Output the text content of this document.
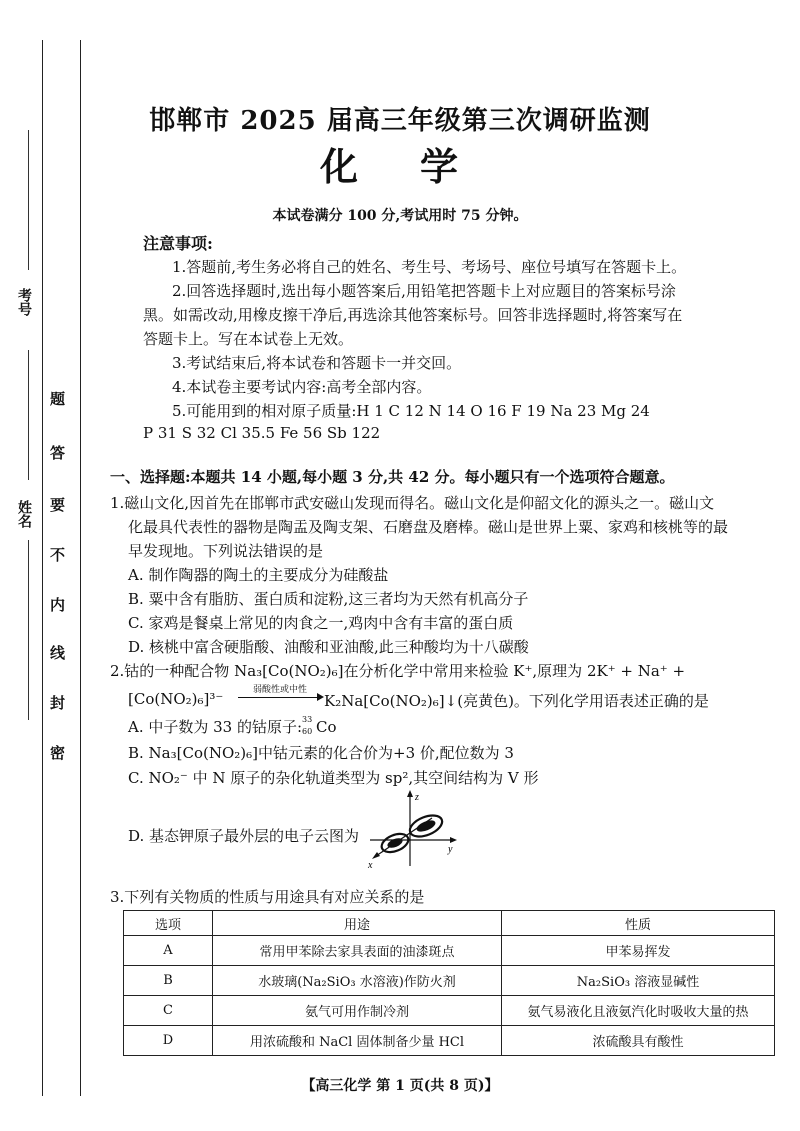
考号
姓名
题
答
要
不
内
线
封
密
邯郸市 2025 届高三年级第三次调研监测
化学
本试卷满分 100 分,考试用时 75 分钟。
注意事项:
1.答题前,考生务必将自己的姓名、考生号、考场号、座位号填写在答题卡上。
2.回答选择题时,选出每小题答案后,用铅笔把答题卡上对应题目的答案标号涂
黑。如需改动,用橡皮擦干净后,再选涂其他答案标号。回答非选择题时,将答案写在
答题卡上。写在本试卷上无效。
3.考试结束后,将本试卷和答题卡一并交回。
4.本试卷主要考试内容:高考全部内容。
5.可能用到的相对原子质量:H 1 C 12 N 14 O 16 F 19 Na 23 Mg 24
P 31 S 32 Cl 35.5 Fe 56 Sb 122
一、选择题:本题共 14 小题,每小题 3 分,共 42 分。每小题只有一个选项符合题意。
1.磁山文化,因首先在邯郸市武安磁山发现而得名。磁山文化是仰韶文化的源头之一。磁山文
化最具代表性的器物是陶盂及陶支架、石磨盘及磨棒。磁山是世界上粟、家鸡和核桃等的最
早发现地。下列说法错误的是
A. 制作陶器的陶土的主要成分为硅酸盐
B. 粟中含有脂肪、蛋白质和淀粉,这三者均为天然有机高分子
C. 家鸡是餐桌上常见的肉食之一,鸡肉中含有丰富的蛋白质
D. 核桃中富含硬脂酸、油酸和亚油酸,此三种酸均为十八碳酸
2.钴的一种配合物 Na₃[Co(NO₂)₆]在分析化学中常用来检验 K⁺,原理为 2K⁺ + Na⁺ +
[Co(NO₂)₆]³⁻	弱酸性或中性
K₂Na[Co(NO₂)₆]↓(亮黄色)。下列化学用语表述正确的是
A. 中子数为 33 的钴原子: 33
60 Co
B. Na₃[Co(NO₂)₆]中钴元素的化合价为+3 价,配位数为 3
C. NO₂⁻ 中 N 原子的杂化轨道类型为 sp²,其空间结构为 V 形
D. 基态钾原子最外层的电子云图为
z
y
x
3.下列有关物质的性质与用途具有对应关系的是
选项	用途	性质
A	常用甲苯除去家具表面的油漆斑点	甲苯易挥发
B	水玻璃(Na₂SiO₃ 水溶液)作防火剂	Na₂SiO₃ 溶液显碱性
C	氨气可用作制冷剂	氨气易液化且液氨汽化时吸收大量的热
D	用浓硫酸和 NaCl 固体制备少量 HCl	浓硫酸具有酸性
【高三化学 第 1 页(共 8 页)】
